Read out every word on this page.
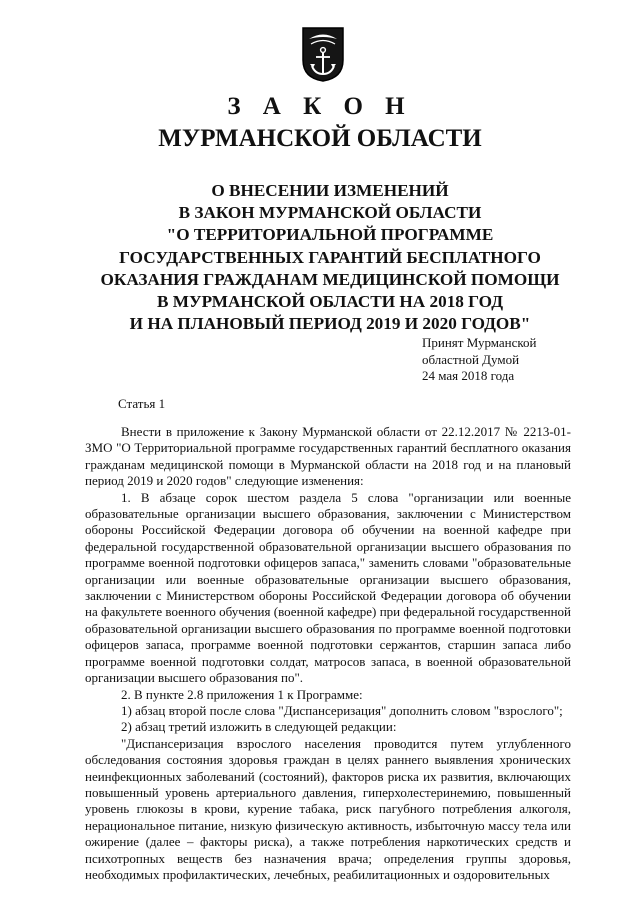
З А К О Н
МУРМАНСКОЙ ОБЛАСТИ
О ВНЕСЕНИИ ИЗМЕНЕНИЙ
В ЗАКОН МУРМАНСКОЙ ОБЛАСТИ
"О ТЕРРИТОРИАЛЬНОЙ ПРОГРАММЕ
ГОСУДАРСТВЕННЫХ ГАРАНТИЙ БЕСПЛАТНОГО
ОКАЗАНИЯ ГРАЖДАНАМ МЕДИЦИНСКОЙ ПОМОЩИ
В МУРМАНСКОЙ ОБЛАСТИ НА 2018 ГОД
И НА ПЛАНОВЫЙ ПЕРИОД 2019 И 2020 ГОДОВ"
Принят Мурманской
областной Думой
24 мая 2018 года
Статья 1

Внести в приложение к Закону Мурманской области от 22.12.2017 № 2213-01-ЗМО "О Территориальной программе государственных гарантий бесплатного оказания гражданам медицинской помощи в Мурманской области на 2018 год и на плановый период 2019 и 2020 годов" следующие изменения:

1. В абзаце сорок шестом раздела 5 слова "организации или военные образовательные организации высшего образования, заключении с Министерством обороны Российской Федерации договора об обучении на военной кафедре при федеральной государственной образовательной организации высшего образования по программе военной подготовки офицеров запаса," заменить словами "образовательные организации или военные образовательные организации высшего образования, заключении с Министерством обороны Российской Федерации договора об обучении на факультете военного обучения (военной кафедре) при федеральной государственной образовательной организации высшего образования по программе военной подготовки офицеров запаса, программе военной подготовки сержантов, старшин запаса либо программе военной подготовки солдат, матросов запаса, в военной образовательной организации высшего образования по".

2. В пункте 2.8 приложения 1 к Программе:

1) абзац второй после слова "Диспансеризация" дополнить словом "взрослого";

2) абзац третий изложить в следующей редакции:

"Диспансеризация взрослого населения проводится путем углубленного обследования состояния здоровья граждан в целях раннего выявления хронических неинфекционных заболеваний (состояний), факторов риска их развития, включающих повышенный уровень артериального давления, гиперхолестеринемию, повышенный уровень глюкозы в крови, курение табака, риск пагубного потребления алкоголя, нерациональное питание, низкую физическую активность, избыточную массу тела или ожирение (далее – факторы риска), а также потребления наркотических средств и психотропных веществ без назначения врача; определения группы здоровья, необходимых профилактических, лечебных, реабилитационных и оздоровительных
